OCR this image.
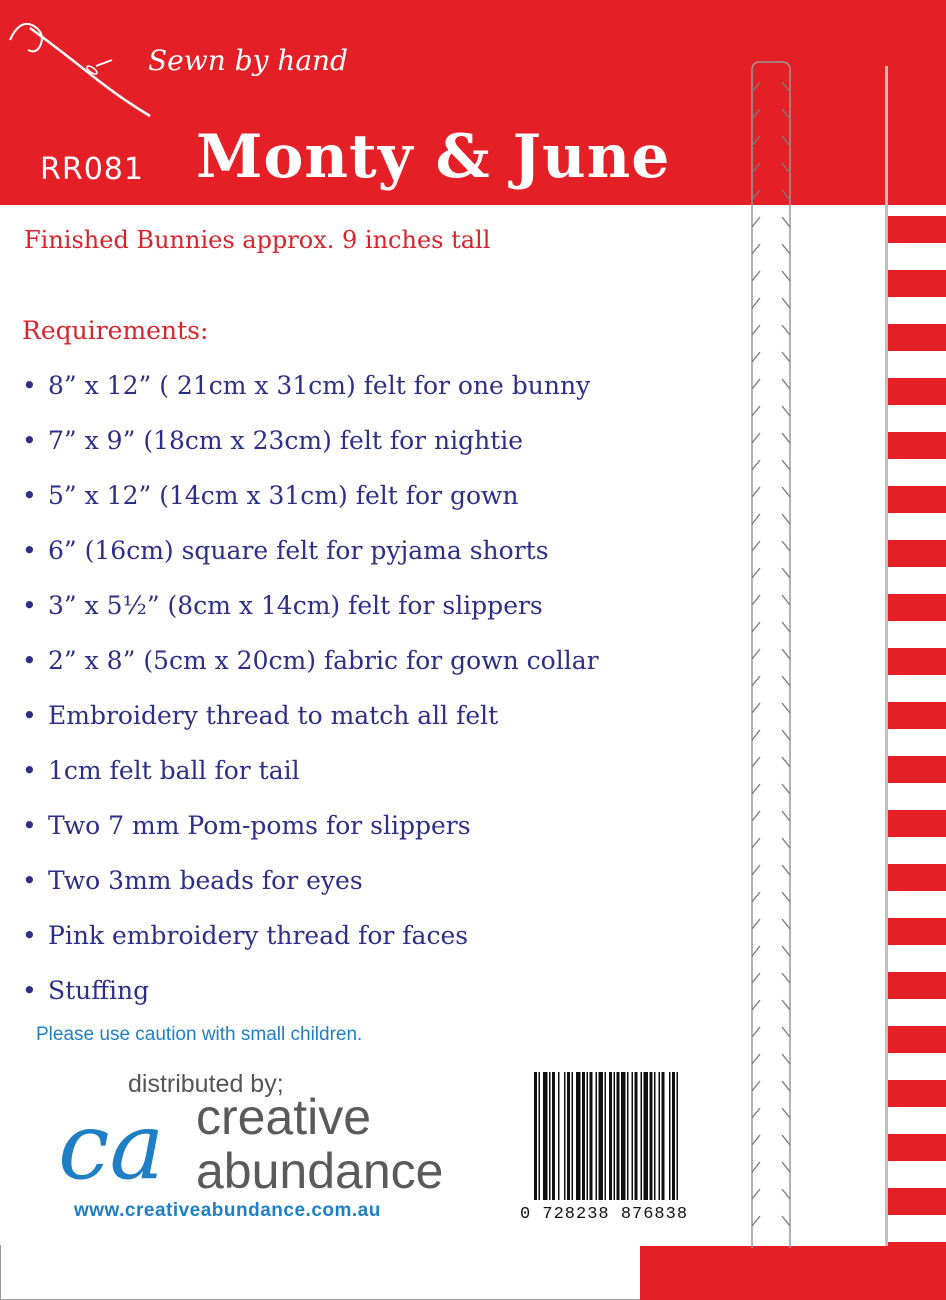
Sewn by hand
RR081 Monty & June
Finished Bunnies approx. 9 inches tall
Requirements:
• 8” x 12” ( 21cm x 31cm) felt for one bunny
• 7” x 9” (18cm x 23cm) felt for nightie
• 5” x 12” (14cm x 31cm) felt for gown
• 6” (16cm) square felt for pyjama shorts
• 3” x 5½” (8cm x 14cm) felt for slippers
• 2” x 8” (5cm x 20cm) fabric for gown collar
• Embroidery thread to match all felt
• 1cm felt ball for tail
• Two 7 mm Pom-poms for slippers
• Two 3mm beads for eyes
• Pink embroidery thread for faces
• Stuffing
Please use caution with small children.
distributed by;
ca creative
abundance
www.creativeabundance.com.au	0 728238 876838
